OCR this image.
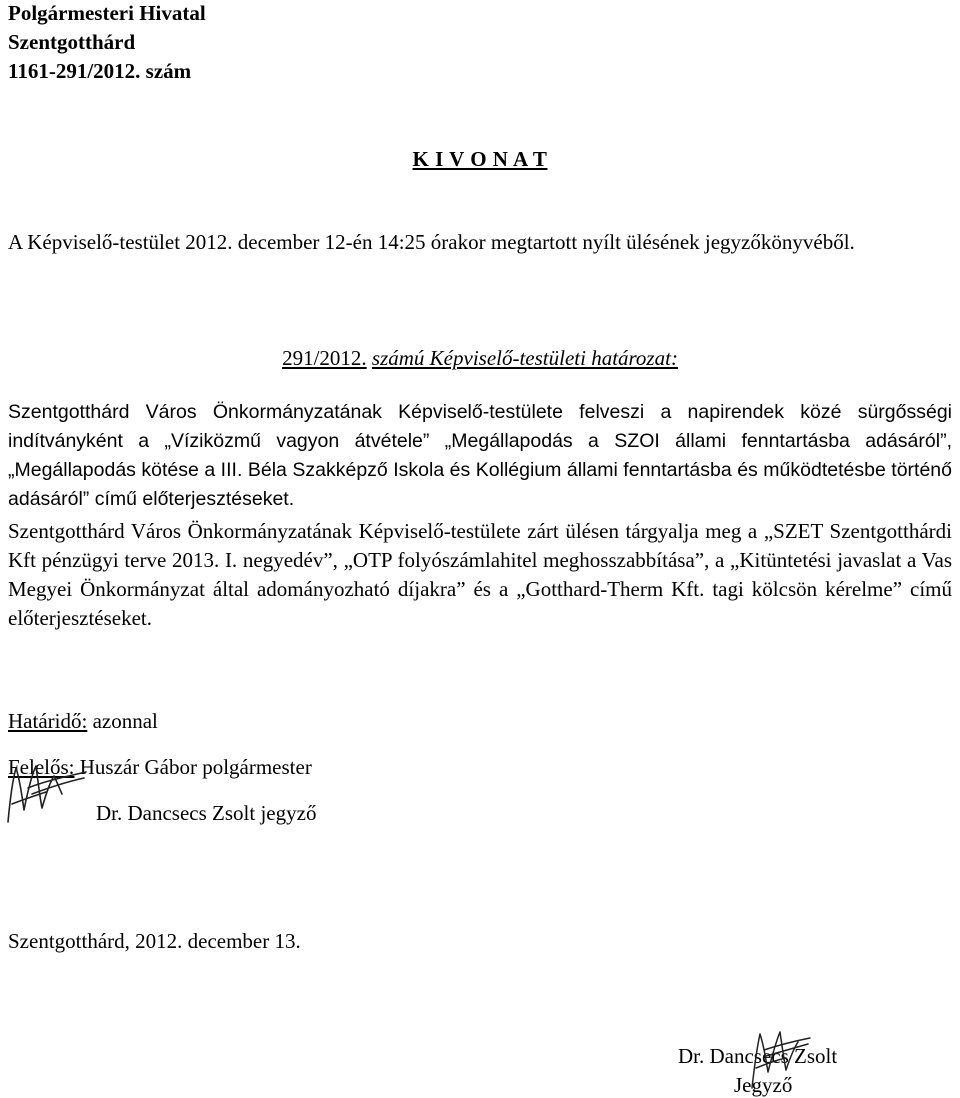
Polgármesteri Hivatal
Szentgotthárd
1161-291/2012. szám
K I V O N A T
A Képviselő-testület 2012. december 12-én 14:25 órakor megtartott nyílt ülésének jegyzőkönyvéből.
291/2012. számú Képviselő-testületi határozat:
Szentgotthárd Város Önkormányzatának Képviselő-testülete felveszi a napirendek közé sürgősségi indítványként a „Víziközmű vagyon átvétele” „Megállapodás a SZOI állami fenntartásba adásáról”, „Megállapodás kötése a III. Béla Szakképző Iskola és Kollégium állami fenntartásba és működtetésbe történő adásáról” című előterjesztéseket.
Szentgotthárd Város Önkormányzatának Képviselő-testülete zárt ülésen tárgyalja meg a „SZET Szentgotthárdi Kft pénzügyi terve 2013. I. negyedév”, „OTP folyószámlahitel meghosszabbítása”, a „Kitüntetési javaslat a Vas Megyei Önkormányzat által adományozható díjakra” és a „Gotthard-Therm Kft. tagi kölcsön kérelme” című előterjesztéseket.
Határidő: azonnal
Felelős: Huszár Gábor polgármester
Dr. Dancsecs Zsolt jegyző
Szentgotthárd, 2012. december 13.
Dr. Dancsecs Zsolt
Jegyző
